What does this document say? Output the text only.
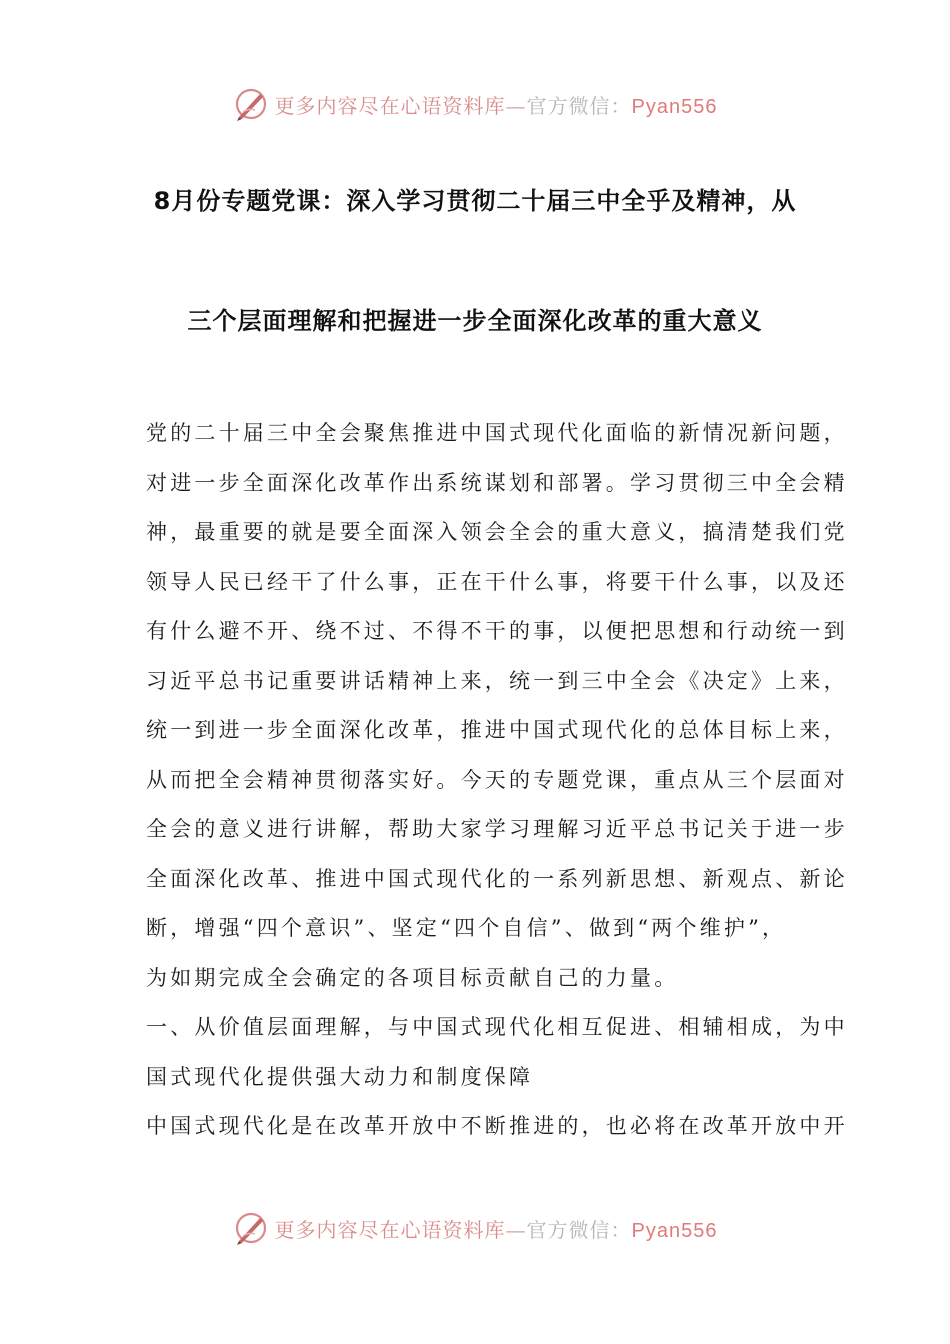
更多内容尽在心语资料库—官方微信：Pyan556
8月份专题党课：深入学习贯彻二十届三中全乎及精神，从
三个层面理解和把握进一步全面深化改革的重大意义
党的二十届三中全会聚焦推进中国式现代化面临的新情况新问题，
对进一步全面深化改革作出系统谋划和部署。学习贯彻三中全会精
神，最重要的就是要全面深入领会全会的重大意义，搞清楚我们党
领导人民已经干了什么事，正在干什么事，将要干什么事，以及还
有什么避不开、绕不过、不得不干的事，以便把思想和行动统一到
习近平总书记重要讲话精神上来，统一到三中全会《决定》上来，
统一到进一步全面深化改革，推进中国式现代化的总体目标上来，
从而把全会精神贯彻落实好。今天的专题党课，重点从三个层面对
全会的意义进行讲解，帮助大家学习理解习近平总书记关于进一步
全面深化改革、推进中国式现代化的一系列新思想、新观点、新论
断，增强“四个意识”、坚定“四个自信”、做到“两个维护”，
为如期完成全会确定的各项目标贡献自己的力量。
一、从价值层面理解，与中国式现代化相互促进、相辅相成，为中
国式现代化提供强大动力和制度保障
中国式现代化是在改革开放中不断推进的，也必将在改革开放中开
更多内容尽在心语资料库—官方微信：Pyan556
